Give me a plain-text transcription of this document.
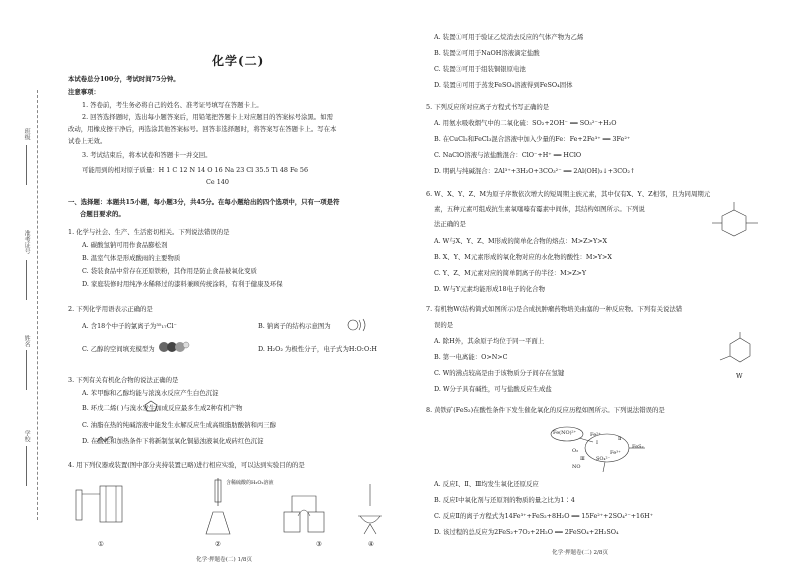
班级
准考证号
姓名
学校
化学(二)
本试卷总分100分，考试时间75分钟。
注意事项：
1. 答卷前，考生务必将自己的姓名、准考证号填写在答题卡上。
2. 回答选择题时，选出每小题答案后，用铅笔把答题卡上对应题目的答案标号涂黑。如需
改动，用橡皮擦干净后，再选涂其他答案标号。回答非选择题时，将答案写在答题卡上。写在本
试卷上无效。
3. 考试结束后，将本试卷和答题卡一并交回。
可能用到的相对原子质量：H 1 C 12 N 14 O 16 Na 23 Cl 35.5 Ti 48 Fe 56
Ce 140
一、选择题：本题共15小题，每小题3分，共45分。在每小题给出的四个选项中，只有一项是符
合题目要求的。
1. 化学与社会、生产、生活密切相关。下列说法错误的是
A. 碳酸氢钠可用作食品膨松剂
B. 温室气体是形成酸雨的主要物质
C. 袋装食品中常存在还原铁粉，其作用是防止食品被氧化变质
D. 家庭装修时用纯净水稀释过的漆料兼顾传统涂料，有利于健康及环保
2. 下列化学用语表示正确的是
A. 含18个中子的氯离子为³⁵₁₇Cl⁻	B. 钠离子的结构示意图为
C. 乙醇的空间填充模型为	D. H₂O₂ 为极性分子，电子式为H:O:O:H
3. 下列有关有机化合物的说法正确的是
A. 苯甲醇和乙醇均能与浓溴水反应产生白色沉淀
B. 环戊二烯( )与溴水发生加成反应最多生成2种有机产物
C. 油脂在热的纯碱溶液中能发生水解反应生成高级脂肪酸钠和丙三醇
D. 在酸性和加热条件下将新制氢氧化铜悬浊液氧化成砖红色沉淀
4. 用下列仪器或装置(图中部分夹持装置已略)进行相应实验，可以达到实验目的的是
含稀硫酸的H₂O₂溶液
①	②	③	④
化学·押题卷(二) 1/8页
A. 装置①可用于验证乙烷消去反应的气体产物为乙烯
B. 装置②可用于NaOH溶液滴定盐酸
C. 装置③可用于组装铜银原电池
D. 装置④可用于蒸发FeSO₄溶液得到FeSO₄固体
5. 下列反应所对应离子方程式书写正确的是
A. 用氨水吸收烟气中的二氧化硫：SO₂+2OH⁻ ══ SO₃²⁻+H₂O
B. 在CuCl₂和FeCl₃混合溶液中加入少量的Fe：Fe+2Fe³⁺ ══ 3Fe²⁺
C. NaClO溶液与浓盐酸混合：ClO⁻+H⁺ ══ HClO
D. 明矾与纯碱混合：2Al³⁺+3H₂O+3CO₃²⁻ ══ 2Al(OH)₃↓+3CO₂↑
6. W、X、Y、Z、M为原子序数依次增大的短周期主族元素，其中仅有X、Y、Z相邻，且为同周期元
素，五种元素可组成抗生素氧噻嗪有霉素中间体，其结构如图所示。下列说
法正确的是
A. W与X、Y、Z、M形成的简单化合物的熔点：M>Z>Y>X
B. X、Y、M元素形成的氧化物对应的水化物的酸性：M>Y>X
C. Y、Z、M元素对应的简单阴离子的半径：M>Z>Y
D. W与Y元素均能形成18电子的化合物
7. 有机物W(结构简式如图所示)是合成抗肿瘤药物培美曲塞的一种反应物。下列有关说法错
误的是
W
A. 除H外，其余原子均位于同一平面上
B. 第一电离能：O>N>C
C. W的沸点较高是由于该物质分子间存在氢键
D. W分子具有碱性，可与盐酸反应生成盐
8. 黄铁矿(FeS₂)在酸性条件下发生催化氧化的反应历程如图所示。下列说法错误的是
Fe(NO)²⁺	Fe²⁺
Fe³⁺
FeS₂
SO₄²⁻
NO
O₂
Ⅰ
Ⅱ
Ⅲ
A. 反应Ⅰ、Ⅱ、Ⅲ均发生氧化还原反应
B. 反应Ⅰ中氧化剂与还原剂的物质的量之比为1∶4
C. 反应Ⅱ的离子方程式为14Fe³⁺+FeS₂+8H₂O ══ 15Fe²⁺+2SO₄²⁻+16H⁺
D. 该过程的总反应为2FeS₂+7O₂+2H₂O ══ 2FeSO₄+2H₂SO₄
化学·押题卷(二) 2/8页
